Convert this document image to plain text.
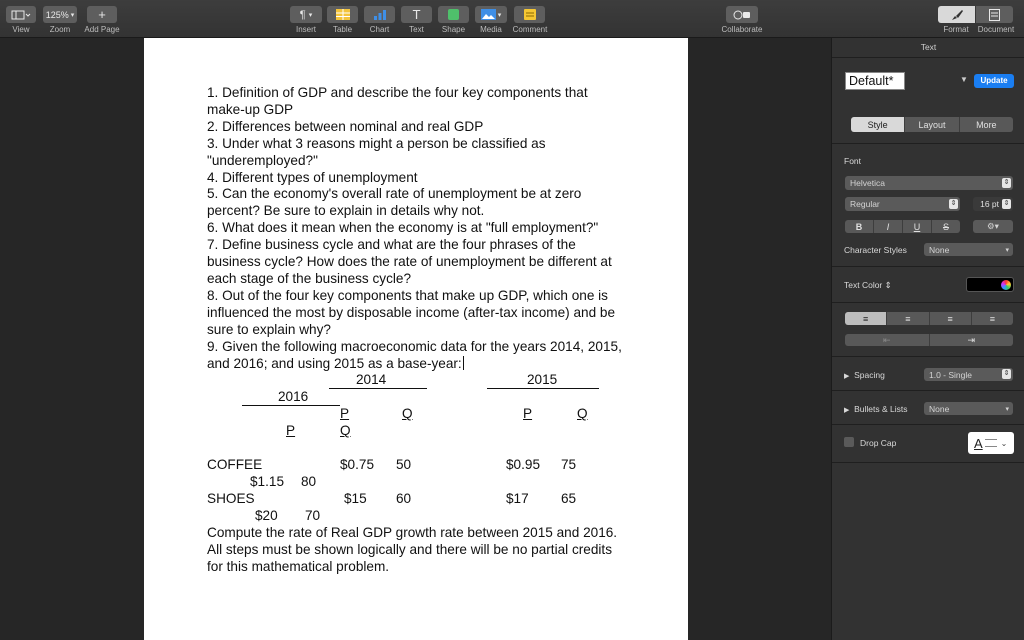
View
125% ▾
Zoom
+
Add Page
¶ ▾
Insert	Table	Chart
T
Text	Shape
▾
Media	Comment	Collaborate	Format	Document
1. Definition of GDP and describe the four key components that make-up GDP
2. Differences between nominal and real GDP
3. Under what 3 reasons might a person be classified as "underemployed?"
4. Different types of unemployment
5. Can the economy's overall rate of unemployment be at zero percent? Be sure to explain in details why not.
6. What does it mean when the economy is at "full employment?"
7. Define business cycle and what are the four phrases of the business cycle? How does the rate of unemployment be different at each stage of the business cycle?
8. Out of the four key components that make up GDP, which one is influenced the most by disposable income (after-tax income) and be sure to explain why?
9. Given the following macroeconomic data for the years 2014, 2015, and 2016; and using 2015 as a base-year:
2014	2015
2016
P	Q	P	Q
P	Q
COFFEE	$0.75 50	$0.95 75
$1.15 80
SHOES	$15 60	$17 65
$20 70
Compute the rate of Real GDP growth rate between 2015 and 2016. All steps must be shown logically and there will be no partial credits for this mathematical problem.
Text
Default*	▼	Update
Style	Layout	More
Font
Helvetica	⇕
Regular	⇕	16 pt ⇕
B	I	U	S	⚙▾
Character Styles	None	▾
Text Color ⇕
≡	≡	≡	≡
⇤	⇥
▶ Spacing	1.0 - Single	⇕
▶ Bullets & Lists	None	▾
Drop Cap	A ⌄
